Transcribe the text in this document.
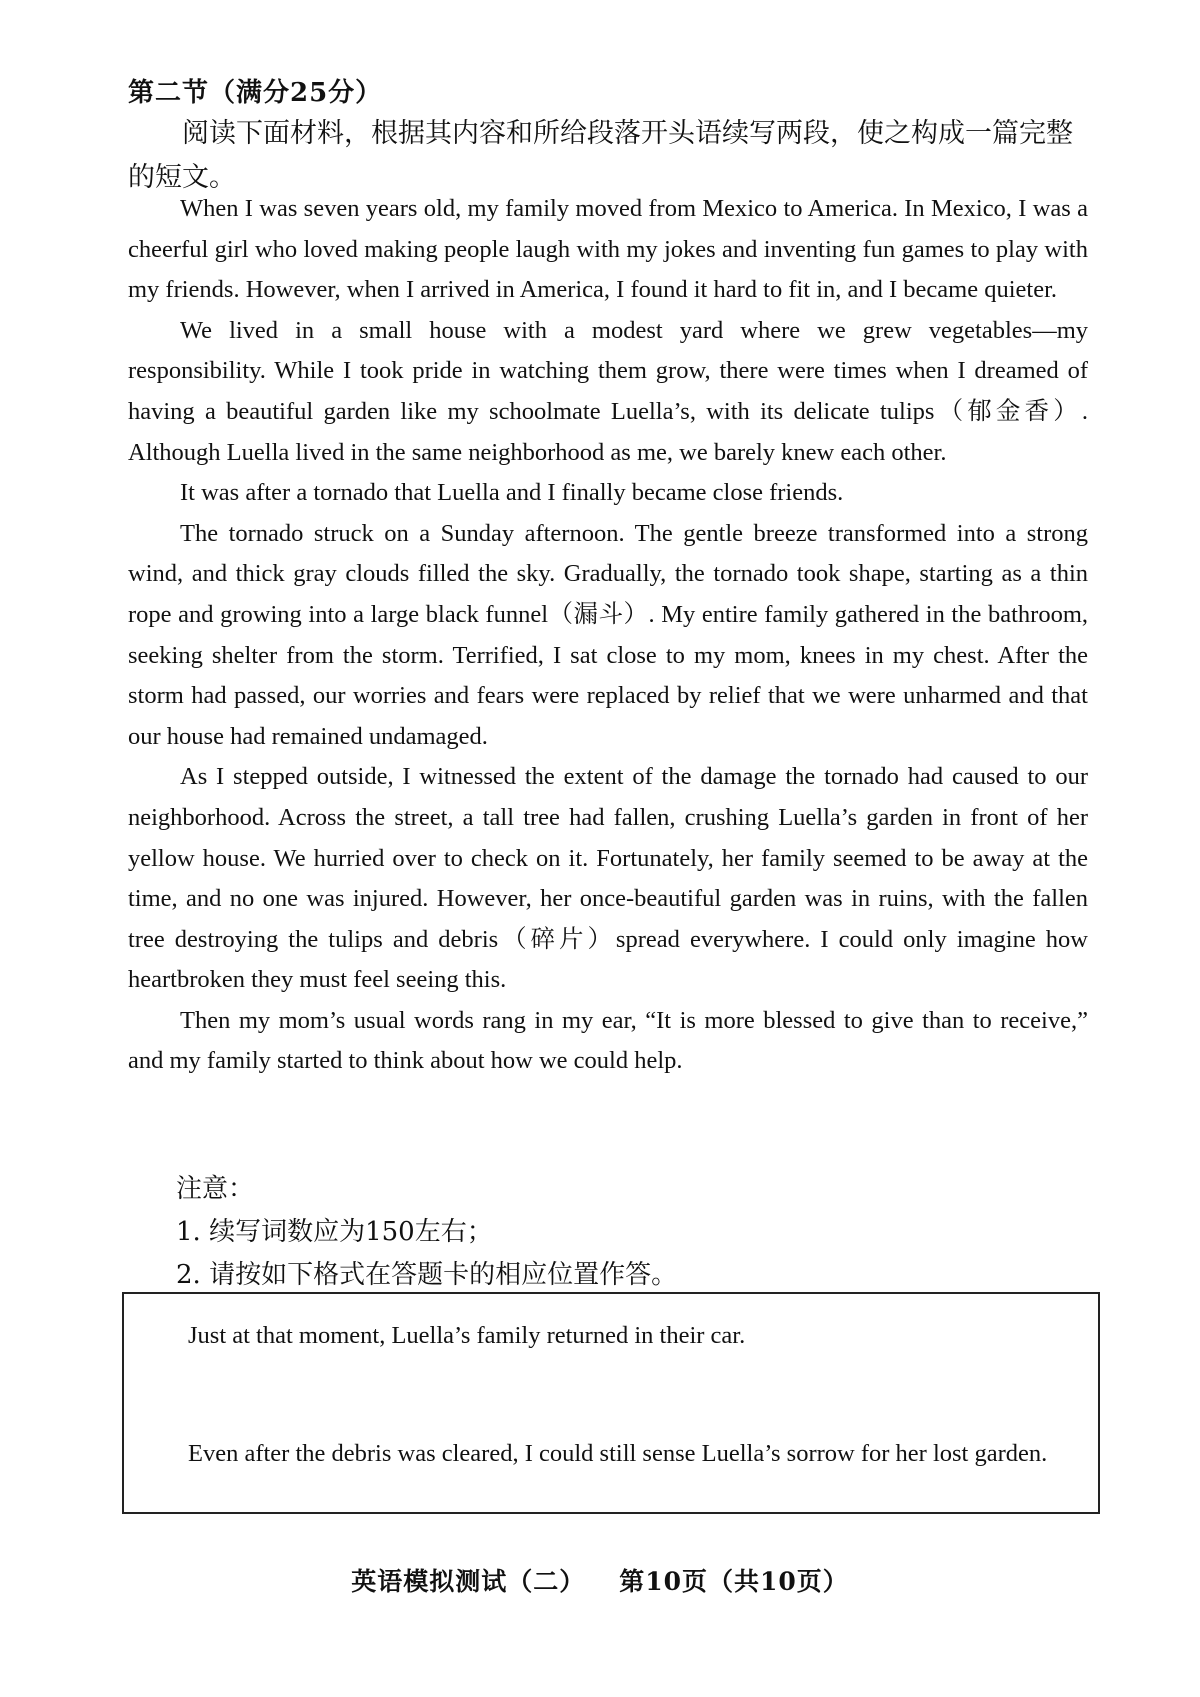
第二节（满分25分）

阅读下面材料，根据其内容和所给段落开头语续写两段，使之构成一篇完整的短文。

When I was seven years old, my family moved from Mexico to America. In Mexico, I was a cheerful girl who loved making people laugh with my jokes and inventing fun games to play with my friends. However, when I arrived in America, I found it hard to fit in, and I became quieter.

We lived in a small house with a modest yard where we grew vegetables—my responsibility. While I took pride in watching them grow, there were times when I dreamed of having a beautiful garden like my schoolmate Luella’s, with its delicate tulips（郁金香）. Although Luella lived in the same neighborhood as me, we barely knew each other.

It was after a tornado that Luella and I finally became close friends.

The tornado struck on a Sunday afternoon. The gentle breeze transformed into a strong wind, and thick gray clouds filled the sky. Gradually, the tornado took shape, starting as a thin rope and growing into a large black funnel（漏斗）. My entire family gathered in the bathroom, seeking shelter from the storm. Terrified, I sat close to my mom, knees in my chest. After the storm had passed, our worries and fears were replaced by relief that we were unharmed and that our house had remained undamaged.

As I stepped outside, I witnessed the extent of the damage the tornado had caused to our neighborhood. Across the street, a tall tree had fallen, crushing Luella’s garden in front of her yellow house. We hurried over to check on it. Fortunately, her family seemed to be away at the time, and no one was injured. However, her once-beautiful garden was in ruins, with the fallen tree destroying the tulips and debris（碎片）spread everywhere. I could only imagine how heartbroken they must feel seeing this.

Then my mom’s usual words rang in my ear, “It is more blessed to give than to receive,” and my family started to think about how we could help.

注意：
1. 续写词数应为150左右；
2. 请按如下格式在答题卡的相应位置作答。
Just at that moment, Luella’s family returned in their car.
Even after the debris was cleared, I could still sense Luella’s sorrow for her lost garden.
英语模拟测试（二） 第10页（共10页）
